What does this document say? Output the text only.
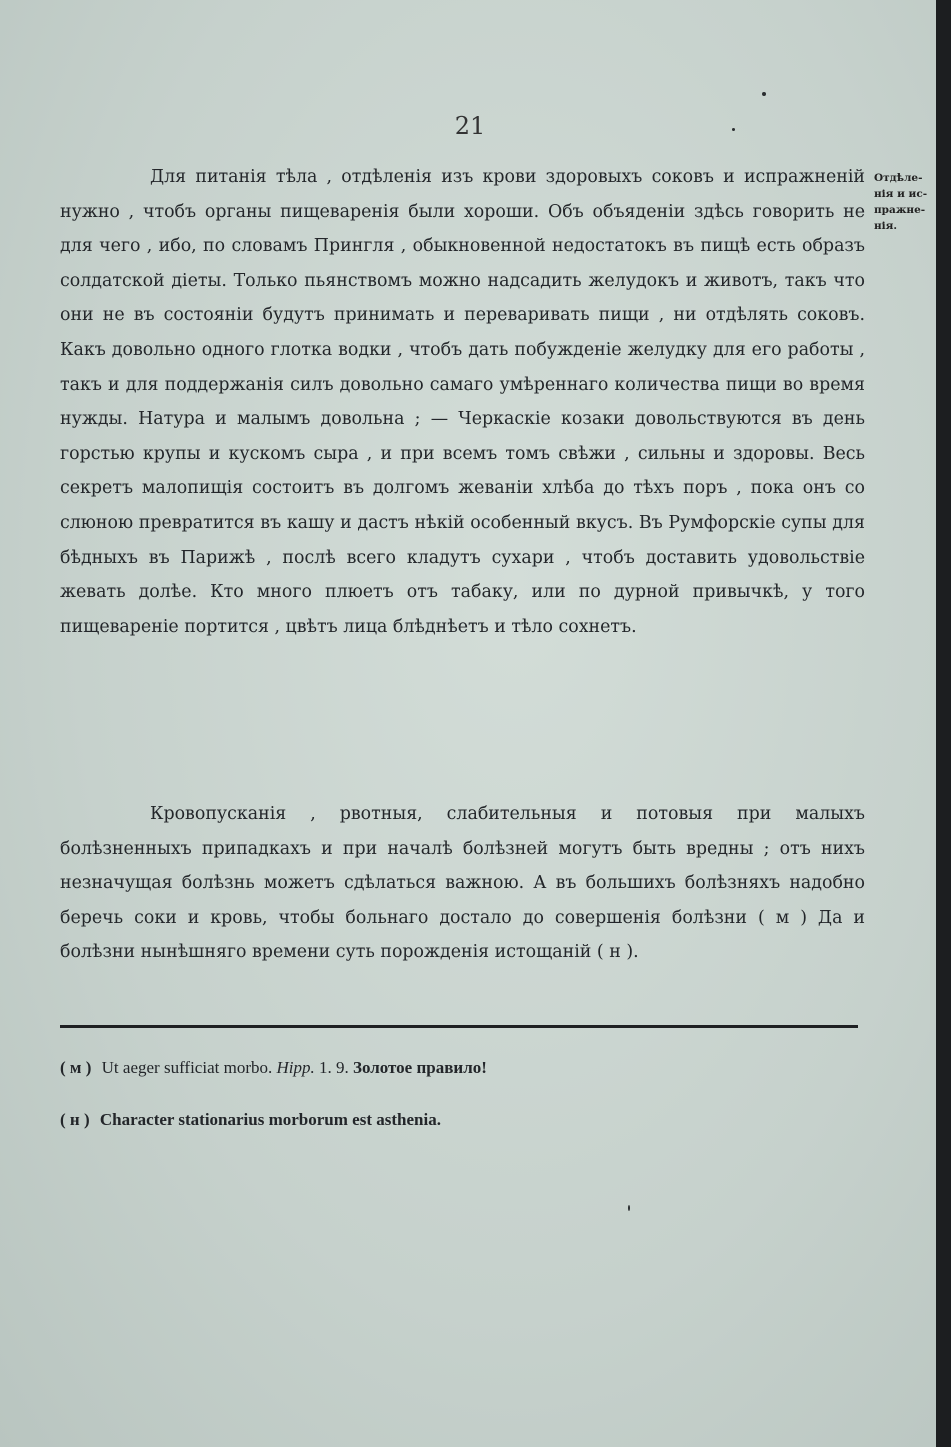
21

Для питанія тѣла , отдѣленія изъ крови здоровыхъ соковъ и испражненій нужно , чтобъ органы пищеваренія были хороши. Объ объяденіи здѣсь говорить не для чего , ибо, по словамъ Прингля , обыкновенной недостатокъ въ пищѣ есть образъ солдатской діеты. Только пьянствомъ можно надсадить желудокъ и животъ, такъ что они не въ состояніи будутъ принимать и переваривать пищи , ни отдѣлять соковъ. Какъ довольно одного глотка водки , чтобъ дать побужденіе желудку для его работы , такъ и для поддержанія силъ довольно самаго умѣреннаго количества пищи во время нужды. Натура и малымъ довольна ; — Черкаскіе козаки довольствуются въ день горстью крупы и кускомъ сыра , и при всемъ томъ свѣжи , сильны и здоровы. Весь секретъ малопищія состоитъ въ долгомъ жеваніи хлѣба до тѣхъ поръ , пока онъ со слюною превратится въ кашу и дастъ нѣкій особенный вкусъ. Въ Румфорскіе супы для бѣдныхъ въ Парижѣ , послѣ всего кладутъ сухари , чтобъ доставить удовольствіе жевать долѣе. Кто много плюетъ отъ табаку, или по дурной привычкѣ, у того пищевареніе портится , цвѣтъ лица блѣднѣетъ и тѣло сохнетъ.

Отдѣле-нія и ис-пражне-нія.

Кровопусканія , рвотныя, слабительныя и потовыя при малыхъ болѣзненныхъ припадкахъ и при началѣ болѣзней могутъ быть вредны ; отъ нихъ незначущая болѣзнь можетъ сдѣлаться важною. А въ большихъ болѣзняхъ надобно беречь соки и кровь, чтобы больнаго достало до совершенія болѣзни ( м ) Да и болѣзни нынѣшняго времени суть порожденія истощаній ( н ).

( м ) Ut aeger sufficiat morbo. Hipp. 1. 9. Золотое правило!

( н ) Character stationarius morborum est asthenia.
